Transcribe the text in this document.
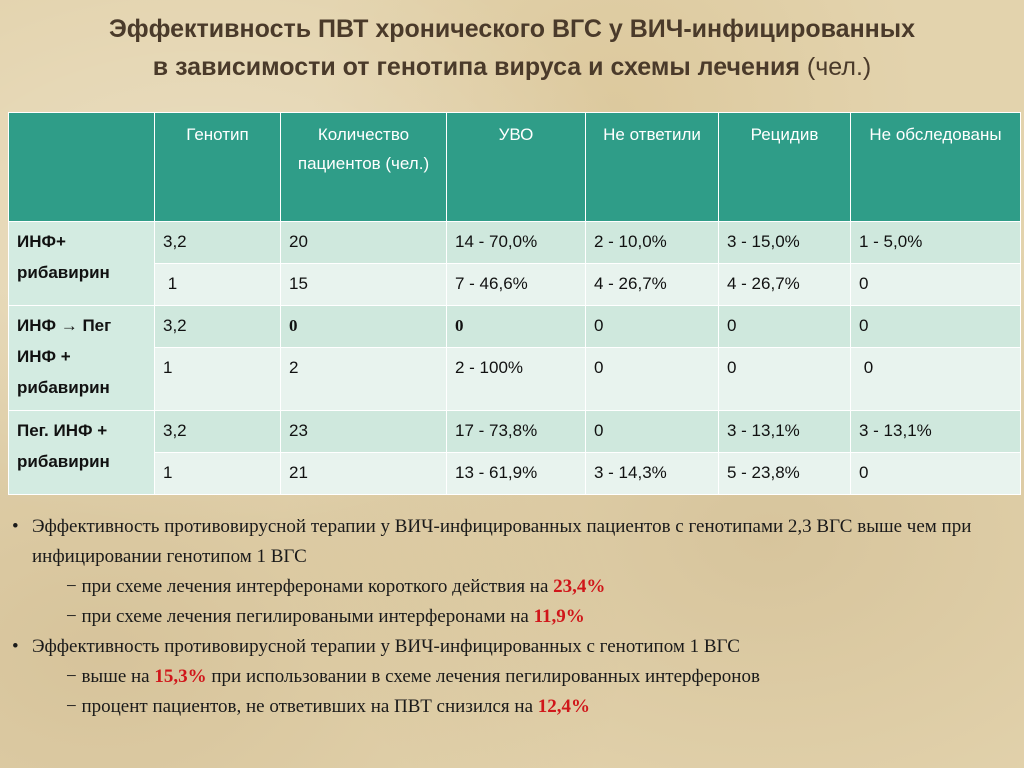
Эффективность ПВТ хронического ВГС у ВИЧ-инфицированных
в зависимости от генотипа вируса и схемы лечения (чел.)
	Генотип	Количество пациентов (чел.)	УВО	Не ответили	Рецидив	Не обследованы
ИНФ+ рибавирин	3,2	20	14 - 70,0%	2 - 10,0%	3 - 15,0%	1 - 5,0%
	1	15	7 - 46,6%	4 - 26,7%	4 - 26,7%	0
ИНФ → Пег ИНФ + рибавирин	3,2	0	0	0	0	0
	1	2	2 - 100%	0	0	0
Пег. ИНФ + рибавирин	3,2	23	17 - 73,8%	0	3 - 13,1%	3 - 13,1%
	1	21	13 - 61,9%	3 - 14,3%	5 - 23,8%	0
• Эффективность противовирусной терапии у ВИЧ-инфицированных пациентов с генотипами 2,3 ВГС выше чем при инфицировании генотипом 1 ВГС
− при схеме лечения интерферонами короткого действия на 23,4%
− при схеме лечения пегилироваными интерферонами на 11,9%
• Эффективность противовирусной терапии у ВИЧ-инфицированных с генотипом 1 ВГС
− выше на 15,3% при использовании в схеме лечения пегилированных интерферонов
− процент пациентов, не ответивших на ПВТ снизился на 12,4%
